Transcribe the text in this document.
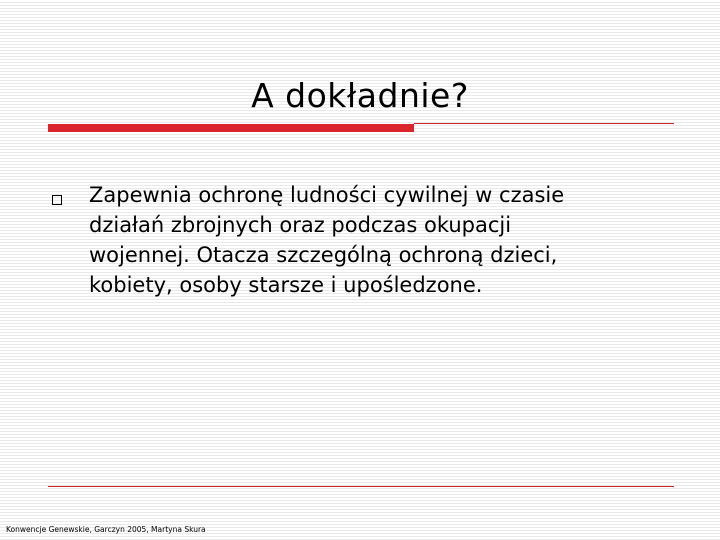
A dokładnie?

Zapewnia ochronę ludności cywilnej w czasie działań zbrojnych oraz podczas okupacji wojennej. Otacza szczególną ochroną dzieci, kobiety, osoby starsze i upośledzone.

Konwencje Genewskie, Garczyn 2005, Martyna Skura
